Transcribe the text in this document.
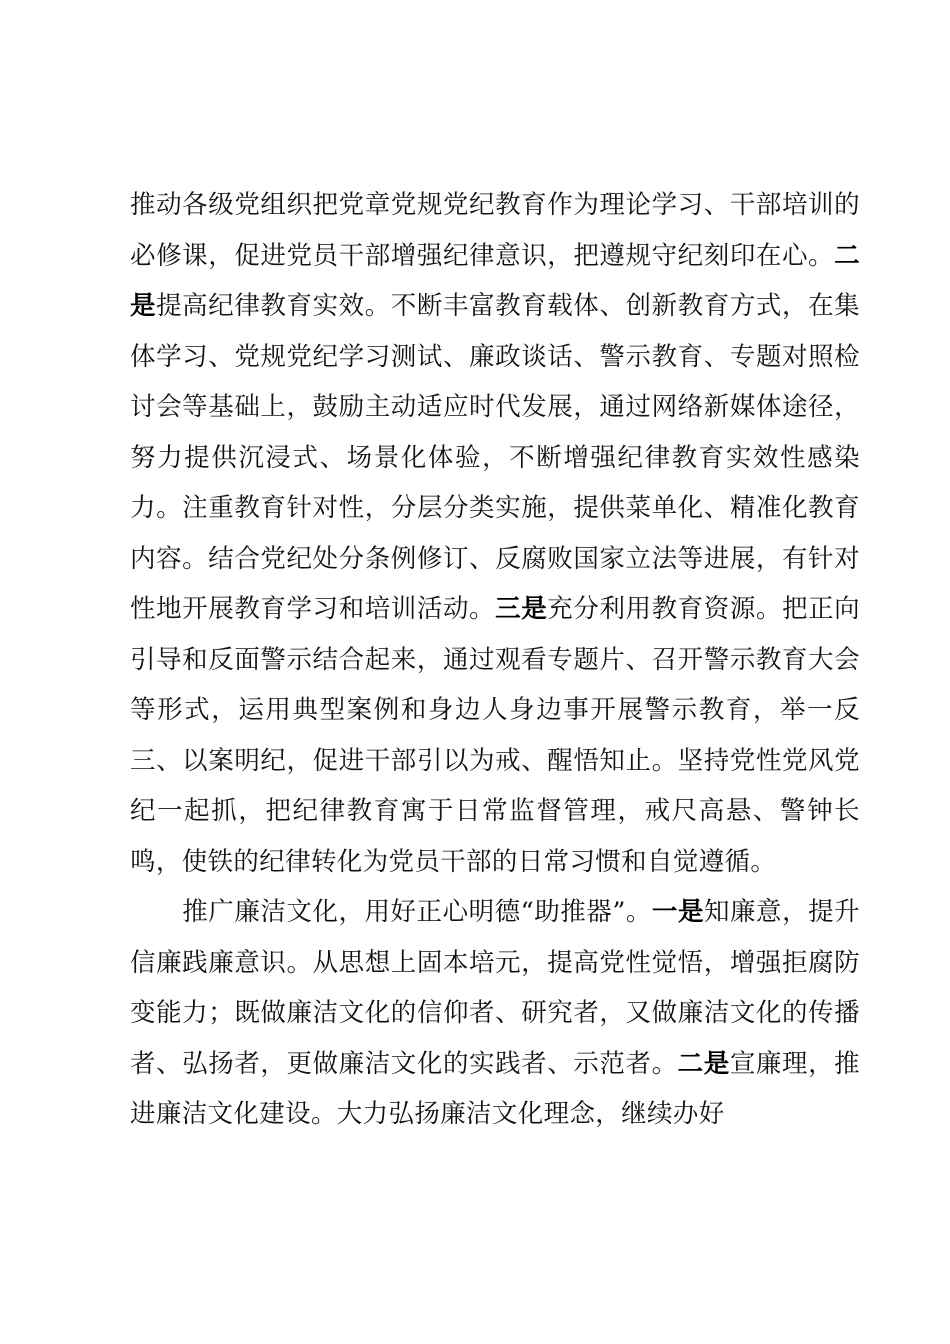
推动各级党组织把党章党规党纪教育作为理论学习、干部培训的必修课，促进党员干部增强纪律意识，把遵规守纪刻印在心。二是提高纪律教育实效。不断丰富教育载体、创新教育方式，在集体学习、党规党纪学习测试、廉政谈话、警示教育、专题对照检讨会等基础上，鼓励主动适应时代发展，通过网络新媒体途径，努力提供沉浸式、场景化体验，不断增强纪律教育实效性感染力。注重教育针对性，分层分类实施，提供菜单化、精准化教育内容。结合党纪处分条例修订、反腐败国家立法等进展，有针对性地开展教育学习和培训活动。三是充分利用教育资源。把正向引导和反面警示结合起来，通过观看专题片、召开警示教育大会等形式，运用典型案例和身边人身边事开展警示教育，举一反三、以案明纪，促进干部引以为戒、醒悟知止。坚持党性党风党纪一起抓，把纪律教育寓于日常监督管理，戒尺高悬、警钟长鸣，使铁的纪律转化为党员干部的日常习惯和自觉遵循。

推广廉洁文化，用好正心明德“助推器”。一是知廉意，提升信廉践廉意识。从思想上固本培元，提高党性觉悟，增强拒腐防变能力；既做廉洁文化的信仰者、研究者，又做廉洁文化的传播者、弘扬者，更做廉洁文化的实践者、示范者。二是宣廉理，推进廉洁文化建设。大力弘扬廉洁文化理念，继续办好
